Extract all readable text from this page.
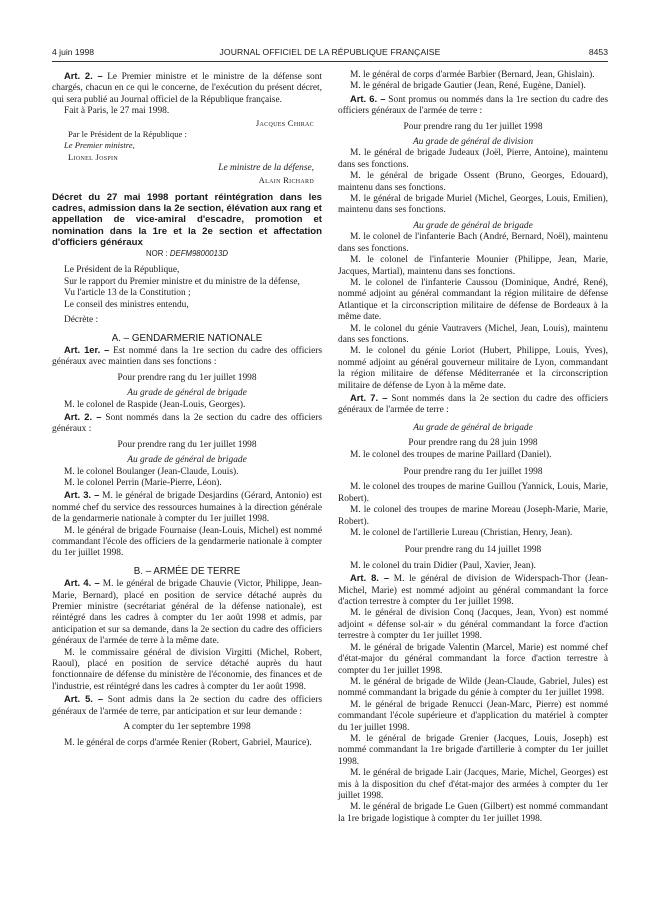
4 juin 1998	JOURNAL OFFICIEL DE LA RÉPUBLIQUE FRANÇAISE	8453

Art. 2. – Le Premier ministre et le ministre de la défense sont chargés, chacun en ce qui le concerne, de l'exécution du présent décret, qui sera publié au Journal officiel de la République française.

Fait à Paris, le 27 mai 1998.

Jacques Chirac

Par le Président de la République :

Le Premier ministre,

Lionel Jospin

Le ministre de la défense,

Alain Richard

Décret du 27 mai 1998 portant réintégration dans les cadres, admission dans la 2e section, élévation aux rang et appellation de vice-amiral d'escadre, promotion et nomination dans la 1re et la 2e section et affectation d'officiers généraux

NOR : DEFM9800013D

Le Président de la République,

Sur le rapport du Premier ministre et du ministre de la défense,

Vu l'article 13 de la Constitution ;

Le conseil des ministres entendu,

Décrète :

A. – GENDARMERIE NATIONALE

Art. 1er. – Est nommé dans la 1re section du cadre des officiers généraux avec maintien dans ses fonctions :

Pour prendre rang du 1er juillet 1998

Au grade de général de brigade

M. le colonel de Raspide (Jean-Louis, Georges).

Art. 2. – Sont nommés dans la 2e section du cadre des officiers généraux :

Pour prendre rang du 1er juillet 1998

Au grade de général de brigade

M. le colonel Boulanger (Jean-Claude, Louis).

M. le colonel Perrin (Marie-Pierre, Léon).

Art. 3. – M. le général de brigade Desjardins (Gérard, Antonio) est nommé chef du service des ressources humaines à la direction générale de la gendarmerie nationale à compter du 1er juillet 1998.

M. le général de brigade Fournaise (Jean-Louis, Michel) est nommé commandant l'école des officiers de la gendarmerie nationale à compter du 1er juillet 1998.

B. – ARMÉE DE TERRE

Art. 4. – M. le général de brigade Chauvie (Victor, Philippe, Jean-Marie, Bernard), placé en position de service détaché auprès du Premier ministre (secrétariat général de la défense nationale), est réintégré dans les cadres à compter du 1er août 1998 et admis, par anticipation et sur sa demande, dans la 2e section du cadre des officiers généraux de l'armée de terre à la même date.

M. le commissaire général de division Virgitti (Michel, Robert, Raoul), placé en position de service détaché auprès du haut fonctionnaire de défense du ministère de l'économie, des finances et de l'industrie, est réintégré dans les cadres à compter du 1er août 1998.

Art. 5. – Sont admis dans la 2e section du cadre des officiers généraux de l'armée de terre, par anticipation et sur leur demande :

A compter du 1er septembre 1998

M. le général de corps d'armée Renier (Robert, Gabriel, Maurice).

M. le général de corps d'armée Barbier (Bernard, Jean, Ghislain).

M. le général de brigade Gautier (Jean, René, Eugène, Daniel).

Art. 6. – Sont promus ou nommés dans la 1re section du cadre des officiers généraux de l'armée de terre :

Pour prendre rang du 1er juillet 1998

Au grade de général de division

M. le général de brigade Judeaux (Joël, Pierre, Antoine), maintenu dans ses fonctions.

M. le général de brigade Ossent (Bruno, Georges, Edouard), maintenu dans ses fonctions.

M. le général de brigade Muriel (Michel, Georges, Louis, Emilien), maintenu dans ses fonctions.

Au grade de général de brigade

M. le colonel de l'infanterie Bach (André, Bernard, Noël), maintenu dans ses fonctions.

M. le colonel de l'infanterie Mounier (Philippe, Jean, Marie, Jacques, Martial), maintenu dans ses fonctions.

M. le colonel de l'infanterie Caussou (Dominique, André, René), nommé adjoint au général commandant la région militaire de défense Atlantique et la circonscription militaire de défense de Bordeaux à la même date.

M. le colonel du génie Vautravers (Michel, Jean, Louis), maintenu dans ses fonctions.

M. le colonel du génie Loriot (Hubert, Philippe, Louis, Yves), nommé adjoint au général gouverneur militaire de Lyon, commandant la région militaire de défense Méditerranée et la circonscription militaire de défense de Lyon à la même date.

Art. 7. – Sont nommés dans la 2e section du cadre des officiers généraux de l'armée de terre :

Au grade de général de brigade

Pour prendre rang du 28 juin 1998

M. le colonel des troupes de marine Paillard (Daniel).

Pour prendre rang du 1er juillet 1998

M. le colonel des troupes de marine Guillou (Yannick, Louis, Marie, Robert).

M. le colonel des troupes de marine Moreau (Joseph-Marie, Marie, Robert).

M. le colonel de l'artillerie Lureau (Christian, Henry, Jean).

Pour prendre rang du 14 juillet 1998

M. le colonel du train Didier (Paul, Xavier, Jean).

Art. 8. – M. le général de division de Widerspach-Thor (Jean-Michel, Marie) est nommé adjoint au général commandant la force d'action terrestre à compter du 1er juillet 1998.

M. le général de division Conq (Jacques, Jean, Yvon) est nommé adjoint « défense sol-air » du général commandant la force d'action terrestre à compter du 1er juillet 1998.

M. le général de brigade Valentin (Marcel, Marie) est nommé chef d'état-major du général commandant la force d'action terrestre à compter du 1er juillet 1998.

M. le général de brigade de Wilde (Jean-Claude, Gabriel, Jules) est nommé commandant la brigade du génie à compter du 1er juillet 1998.

M. le général de brigade Renucci (Jean-Marc, Pierre) est nommé commandant l'école supérieure et d'application du matériel à compter du 1er juillet 1998.

M. le général de brigade Grenier (Jacques, Louis, Joseph) est nommé commandant la 1re brigade d'artillerie à compter du 1er juillet 1998.

M. le général de brigade Lair (Jacques, Marie, Michel, Georges) est mis à la disposition du chef d'état-major des armées à compter du 1er juillet 1998.

M. le général de brigade Le Guen (Gilbert) est nommé commandant la 1re brigade logistique à compter du 1er juillet 1998.
